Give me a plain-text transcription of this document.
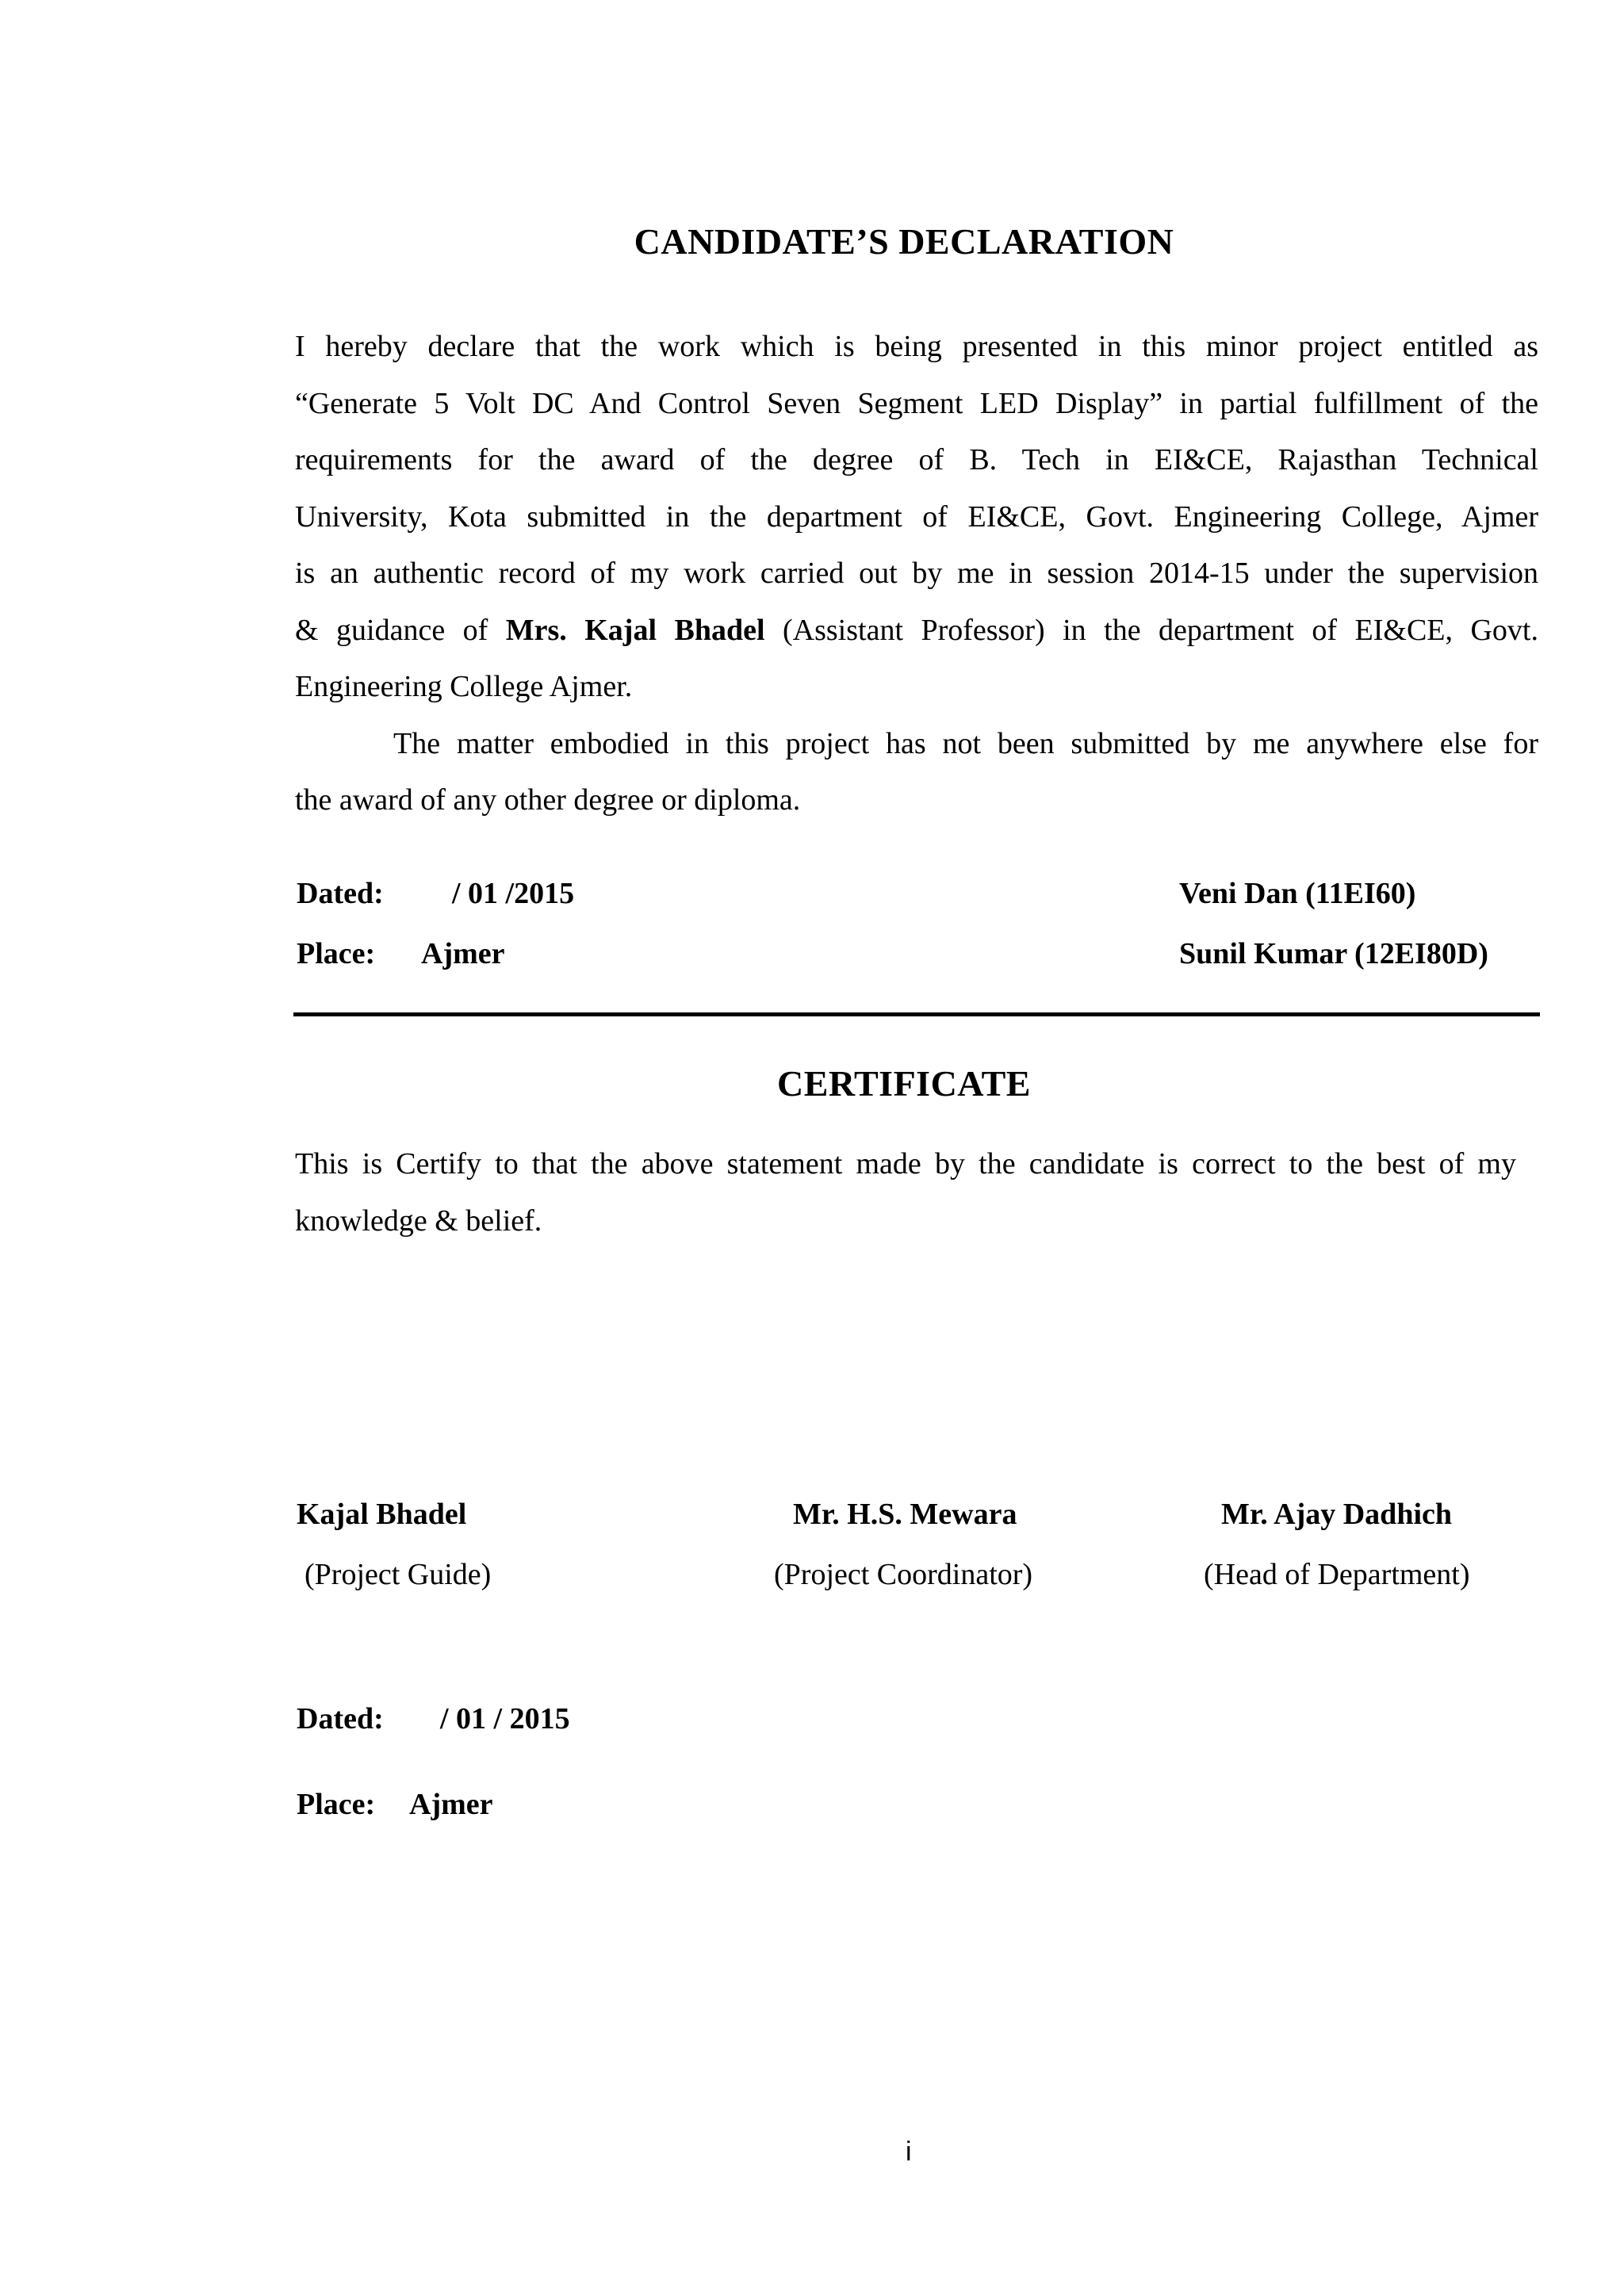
CANDIDATE’S DECLARATION
I hereby declare that the work which is being presented in this minor project entitled as
“Generate 5 Volt DC And Control Seven Segment LED Display” in partial fulfillment of the
requirements for the award of the degree of B. Tech in EI&CE, Rajasthan Technical
University, Kota submitted in the department of EI&CE, Govt. Engineering College, Ajmer
is an authentic record of my work carried out by me in session 2014-15 under the supervision
& guidance of Mrs. Kajal Bhadel (Assistant Professor) in the department of EI&CE, Govt.
Engineering College Ajmer.
The matter embodied in this project has not been submitted by me anywhere else for
the award of any other degree or diploma.
Dated: / 01 /2015	Veni Dan (11EI60)
Place: Ajmer	Sunil Kumar (12EI80D)
CERTIFICATE
This is Certify to that the above statement made by the candidate is correct to the best of my
knowledge & belief.
Kajal Bhadel
(Project Guide)
Mr. H.S. Mewara
(Project Coordinator)
Mr. Ajay Dadhich
(Head of Department)
Dated: / 01 / 2015
Place: Ajmer
i
